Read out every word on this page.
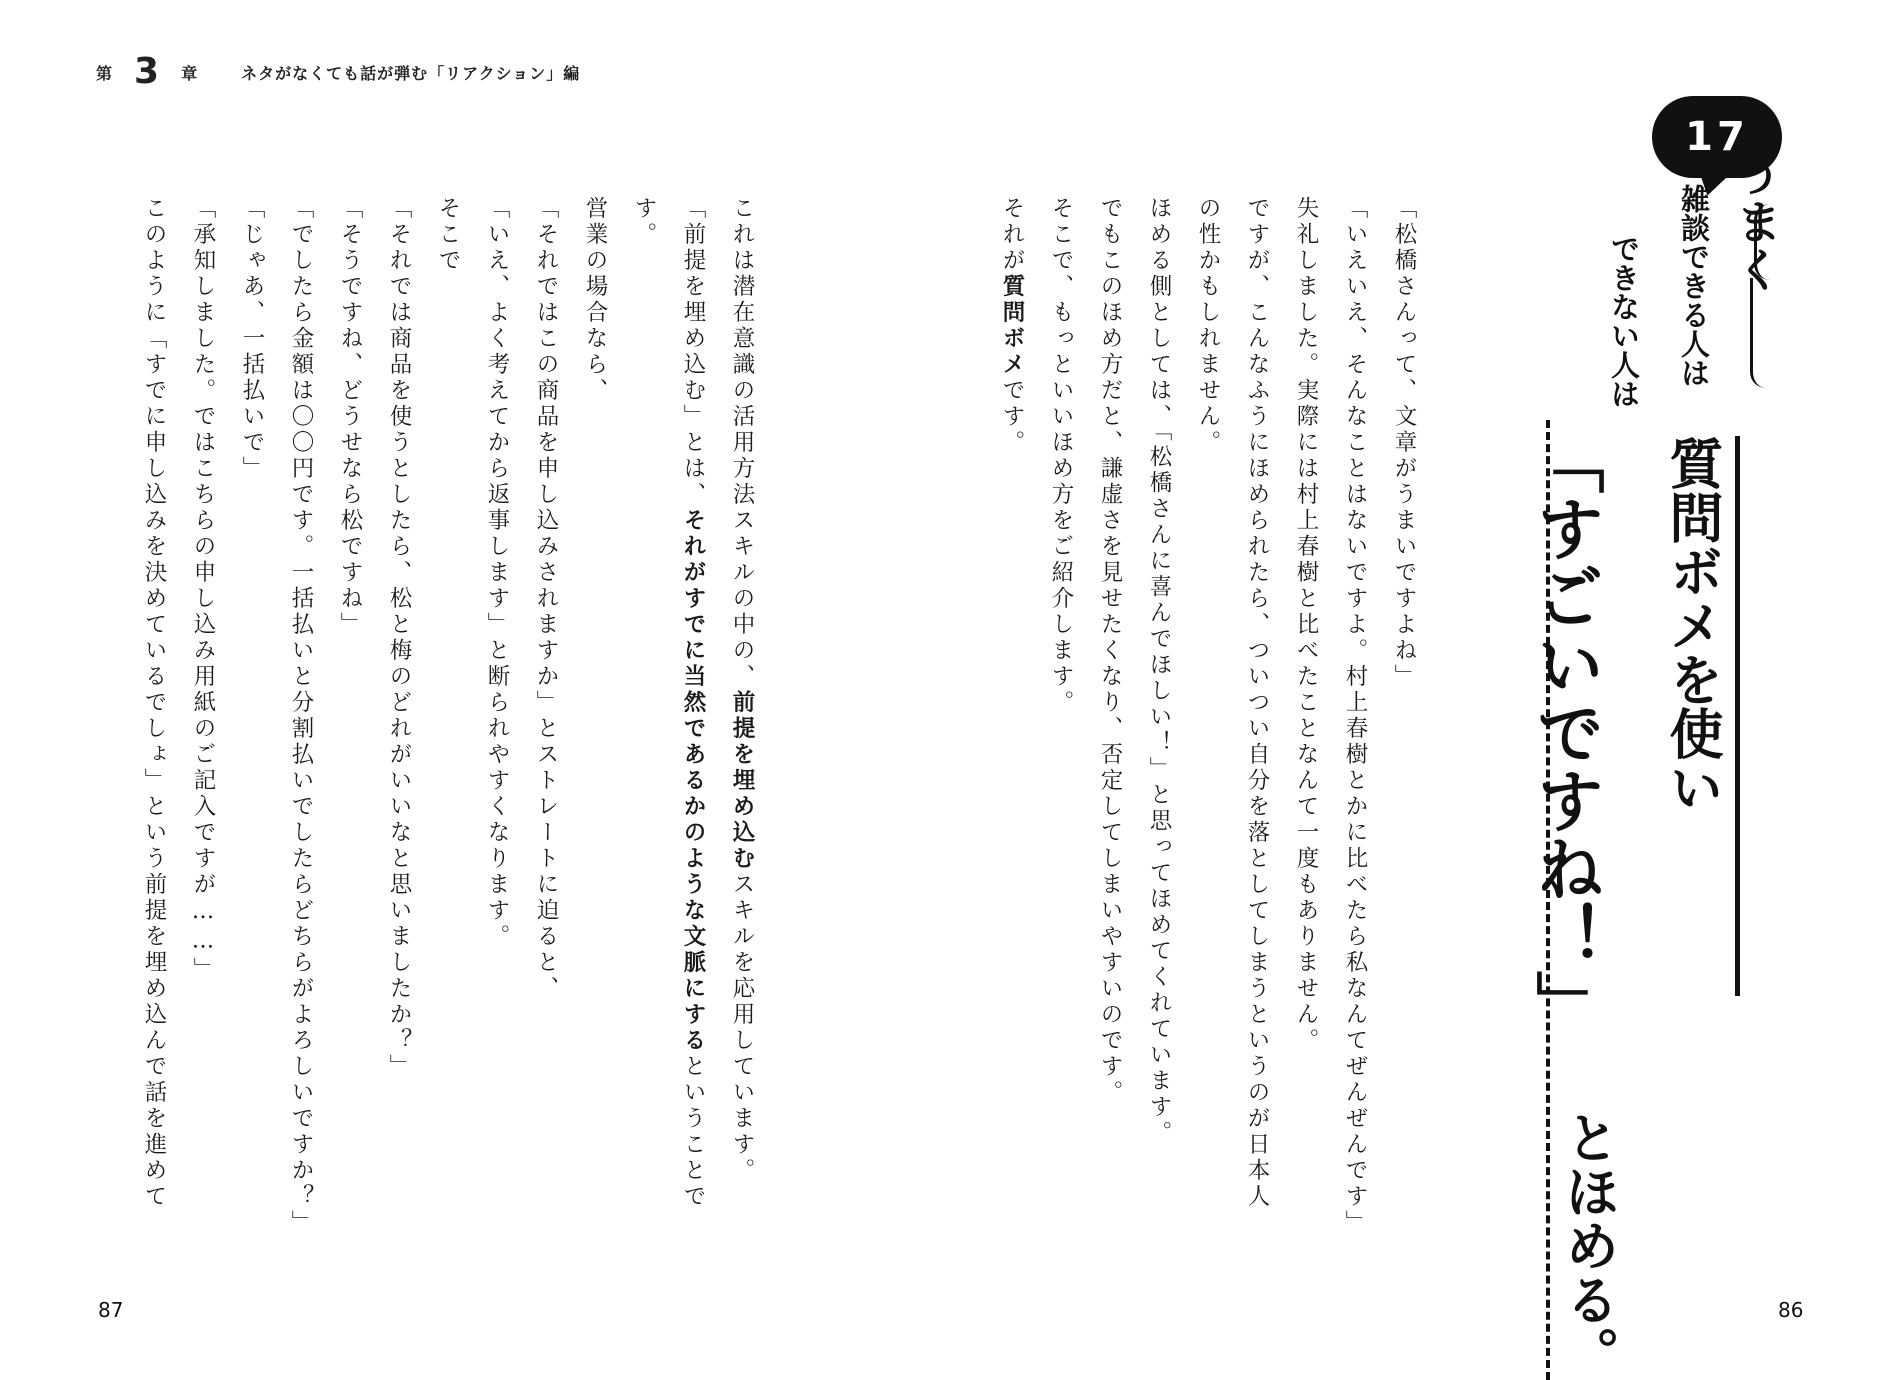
第 3 章	ネタがなくても話が弾む「リアクション」編
17
うまく
雑談できる人は
質問ボメを使い
できない人は
「すごいですね！」
とほめる。

「松橋さんって、文章がうまいですよね」

「いえいえ、そんなことはないですよ。村上春樹とかに比べたら私なんてぜんぜんです」

失礼しました。実際には村上春樹と比べたことなんて一度もありません。

ですが、こんなふうにほめられたら、ついつい自分を落としてしまうというのが日本人

の性かもしれません。

ほめる側としては、「松橋さんに喜んでほしい！」と思ってほめてくれています。

でもこのほめ方だと、謙虚さを見せたくなり、否定してしまいやすいのです。

そこで、もっといいほめ方をご紹介します。

それが質問ボメです。

これは潜在意識の活用方法スキルの中の、前提を埋め込むスキルを応用しています。

「前提を埋め込む」とは、それがすでに当然であるかのような文脈にするということで

す。

営業の場合なら、

「それではこの商品を申し込みされますか」とストレートに迫ると、

「いえ、よく考えてから返事します」と断られやすくなります。

そこで

「それでは商品を使うとしたら、松と梅のどれがいいなと思いましたか？」

「そうですね、どうせなら松ですね」

「でしたら金額は〇〇円です。一括払いと分割払いでしたらどちらがよろしいですか？」

「じゃあ、一括払いで」

「承知しました。ではこちらの申し込み用紙のご記入ですが……」

このように「すでに申し込みを決めているでしょ」という前提を埋め込んで話を進めて

87	86
